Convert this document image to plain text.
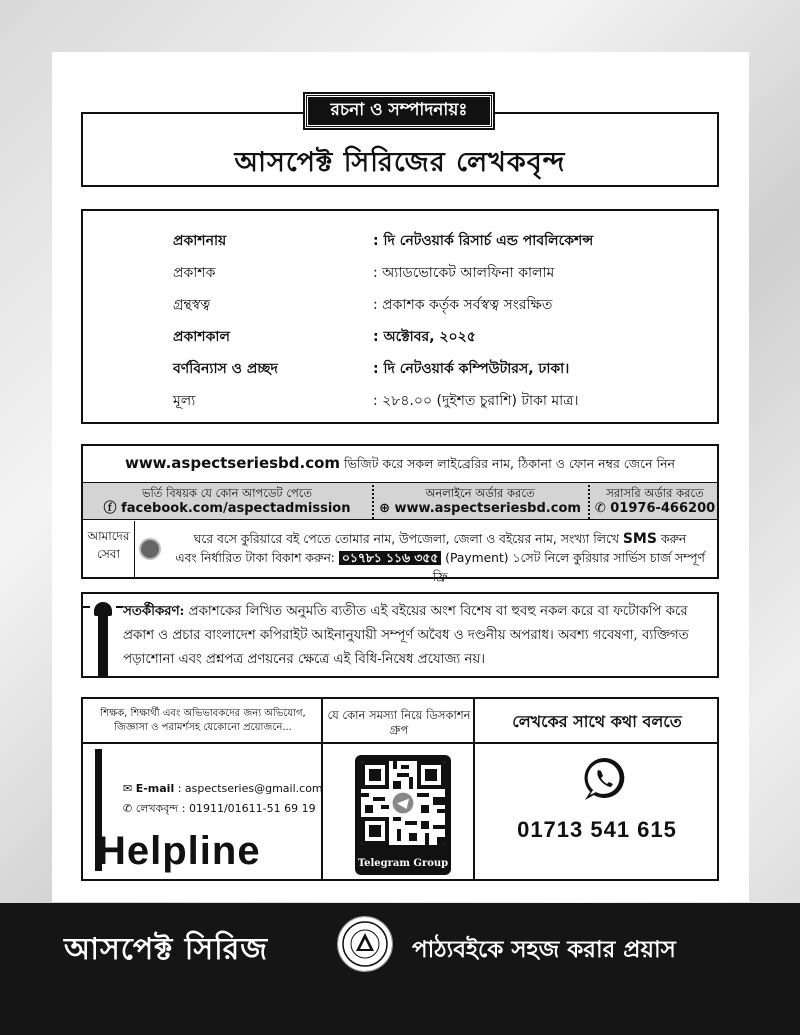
আসপেক্ট সিরিজের লেখকবৃন্দ
রচনা ও সম্পাদনায়ঃ
প্রকাশনায়	: দি নেটওয়ার্ক রিসার্চ এন্ড পাবলিকেশন্স
প্রকাশক	: অ্যাডভোকেট আলফিনা কালাম
গ্রন্থস্বত্ব	: প্রকাশক কর্তৃক সর্বস্বত্ব সংরক্ষিত
প্রকাশকাল	: অক্টোবর, ২০২৫
বর্ণবিন্যাস ও প্রচ্ছদ	: দি নেটওয়ার্ক কম্পিউটারস, ঢাকা।
মূল্য	: ২৮৪.০০ (দুইশত চুরাশি) টাকা মাত্র।
www.aspectseriesbd.com ভিজিট করে সকল লাইব্রেরির নাম, ঠিকানা ও ফোন নম্বর জেনে নিন
ভর্তি বিষয়ক যে কোন আপডেট পেতে
ⓕ facebook.com/aspectadmission
অনলাইনে অর্ডার করতে
⊕ www.aspectseriesbd.com
সরাসরি অর্ডার করতে
✆ 01976-466200
আমাদের সেবা
ঘরে বসে কুরিয়ারে বই পেতে তোমার নাম, উপজেলা, জেলা ও বইয়ের নাম, সংখ্যা লিখে SMS করুন
এবং নির্ধারিত টাকা বিকাশ করুন: ০১৭৮১ ১১৬ ৩৫৫ (Payment) ১সেট নিলে কুরিয়ার সার্ভিস চার্জ সম্পূর্ণ ফ্রি
সতর্কীকরণ: প্রকাশকের লিখিত অনুমতি ব্যতীত এই বইয়ের অংশ বিশেষ বা হুবহু নকল করে বা ফটোকপি করে প্রকাশ ও প্রচার বাংলাদেশ কপিরাইট আইনানুযায়ী সম্পূর্ণ অবৈধ ও দণ্ডনীয় অপরাধ। অবশ্য গবেষণা, ব্যক্তিগত পড়াশোনা এবং প্রশ্নপত্র প্রণয়নের ক্ষেত্রে এই বিধি-নিষেধ প্রযোজ্য নয়।
শিক্ষক, শিক্ষার্থী এবং অভিভাবকদের জন্য অভিযোগ, জিজ্ঞাসা ও পরামর্শসহ যেকোনো প্রয়োজনে...
যে কোন সমস্যা নিয়ে ডিসকাশন গ্রুপ	লেখকের সাথে কথা বলতে
✉ E-mail : aspectseries@gmail.com
✆ লেখকবৃন্দ : 01911/01611-51 69 19
Helpline	Telegram Group
01713 541 615
আসপেক্ট সিরিজ	পাঠ্যবইকে সহজ করার প্রয়াস
